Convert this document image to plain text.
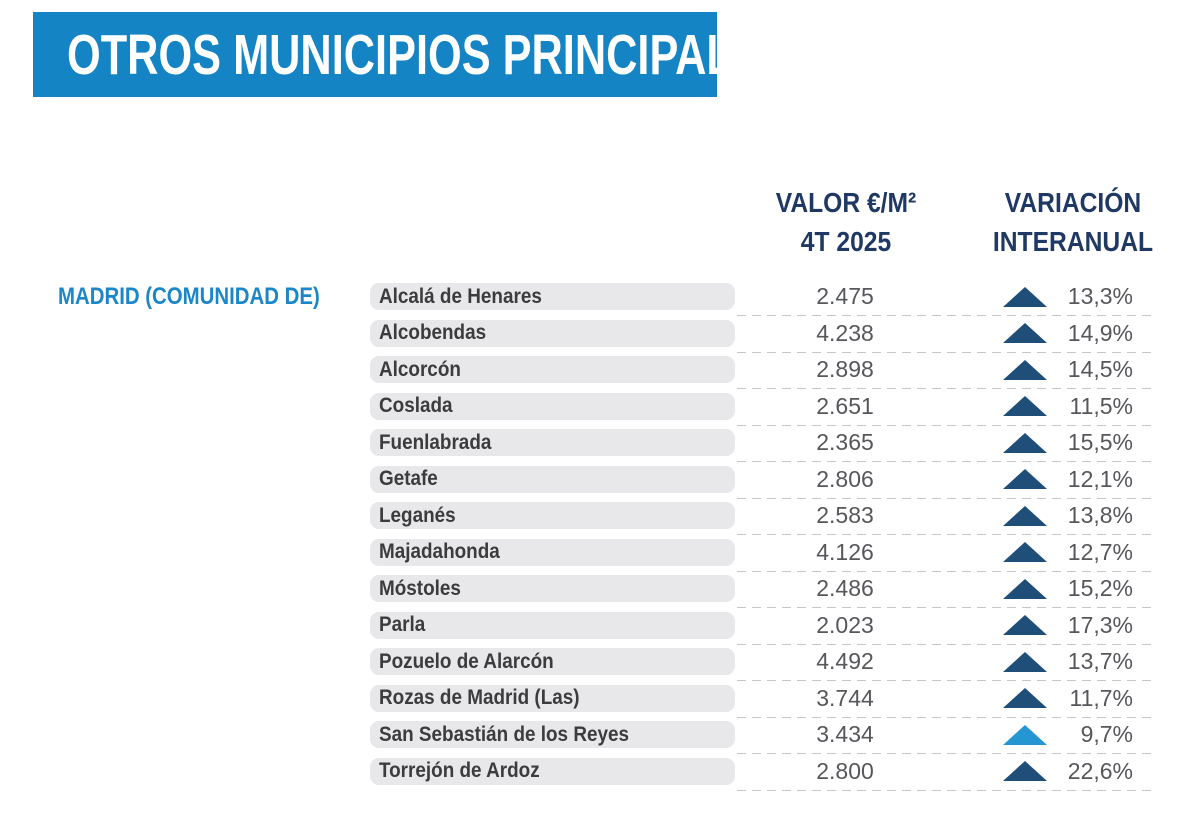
OTROS MUNICIPIOS PRINCIPALES
VALOR €/M²
4T 2025
VARIACIÓN
INTERANUAL
MADRID (COMUNIDAD DE)	Alcalá de Henares	2.475	13,3%
Alcobendas	4.238	14,9%
Alcorcón	2.898	14,5%
Coslada	2.651	11,5%
Fuenlabrada	2.365	15,5%
Getafe	2.806	12,1%
Leganés	2.583	13,8%
Majadahonda	4.126	12,7%
Móstoles	2.486	15,2%
Parla	2.023	17,3%
Pozuelo de Alarcón	4.492	13,7%
Rozas de Madrid (Las)	3.744	11,7%
San Sebastián de los Reyes	3.434	9,7%
Torrejón de Ardoz	2.800	22,6%
